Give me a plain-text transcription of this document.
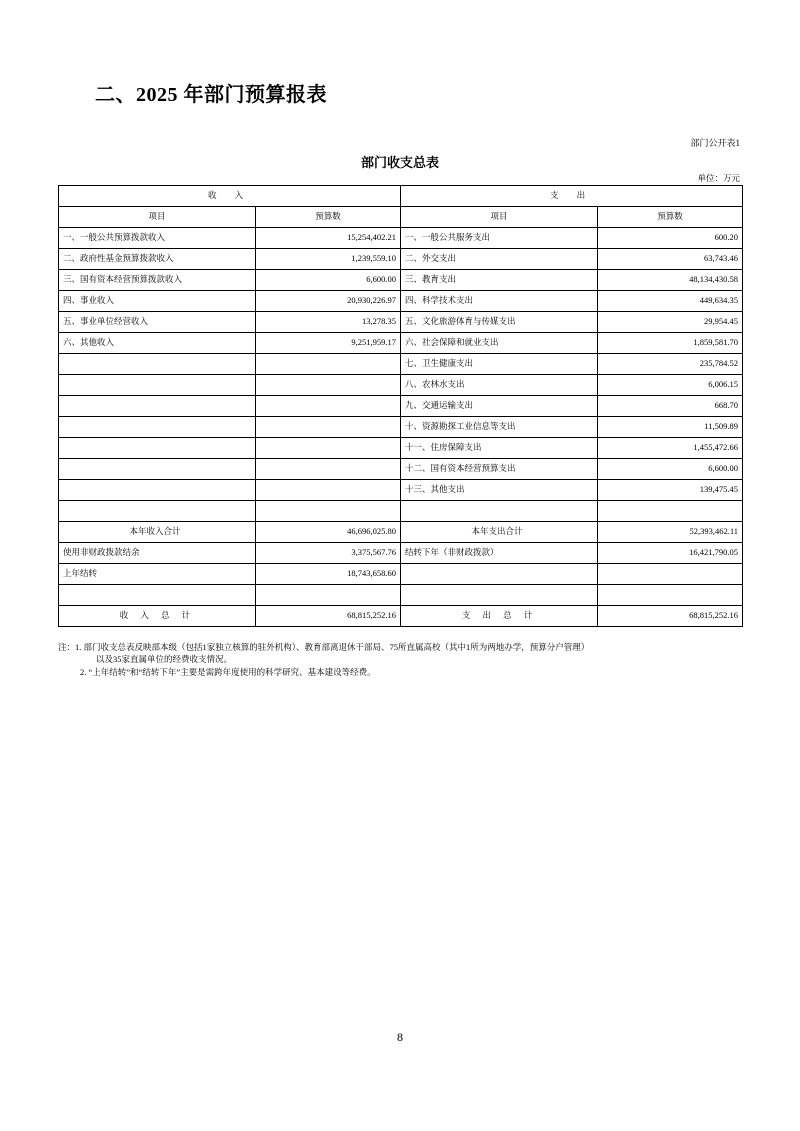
二、2025 年部门预算报表
部门公开表1
部门收支总表
单位：万元
收 入		支 出	
项目	预算数	项目	预算数
一、一般公共预算拨款收入	15,254,402.21	一、一般公共服务支出	600.20
二、政府性基金预算拨款收入	1,239,559.10	二、外交支出	63,743.46
三、国有资本经营预算拨款收入	6,600.00	三、教育支出	48,134,430.58
四、事业收入	20,930,226.97	四、科学技术支出	449,634.35
五、事业单位经营收入	13,278.35	五、文化旅游体育与传媒支出	29,954.45
六、其他收入	9,251,959.17	六、社会保障和就业支出	1,859,581.70
		七、卫生健康支出	235,784.52
		八、农林水支出	6,006.15
		九、交通运输支出	668.70
		十、资源勘探工业信息等支出	11,509.89
		十一、住房保障支出	1,455,472.66
		十二、国有资本经营预算支出	6,600.00
		十三、其他支出	139,475.45

本年收入合计	46,696,025.80	本年支出合计	52,393,462.11
使用非财政拨款结余	3,375,567.76	结转下年（非财政拨款）	16,421,790.05
上年结转	18,743,658.60		

收 入 总 计	68,815,252.16	支 出 总 计	68,815,252.16
注：1. 部门收支总表反映部本级（包括1家独立核算的驻外机构）、教育部离退休干部局、75所直属高校（其中1所为两地办学，预算分户管理）
以及35家直属单位的经费收支情况。
2. “上年结转”和“结转下年”主要是需跨年度使用的科学研究、基本建设等经费。
8
